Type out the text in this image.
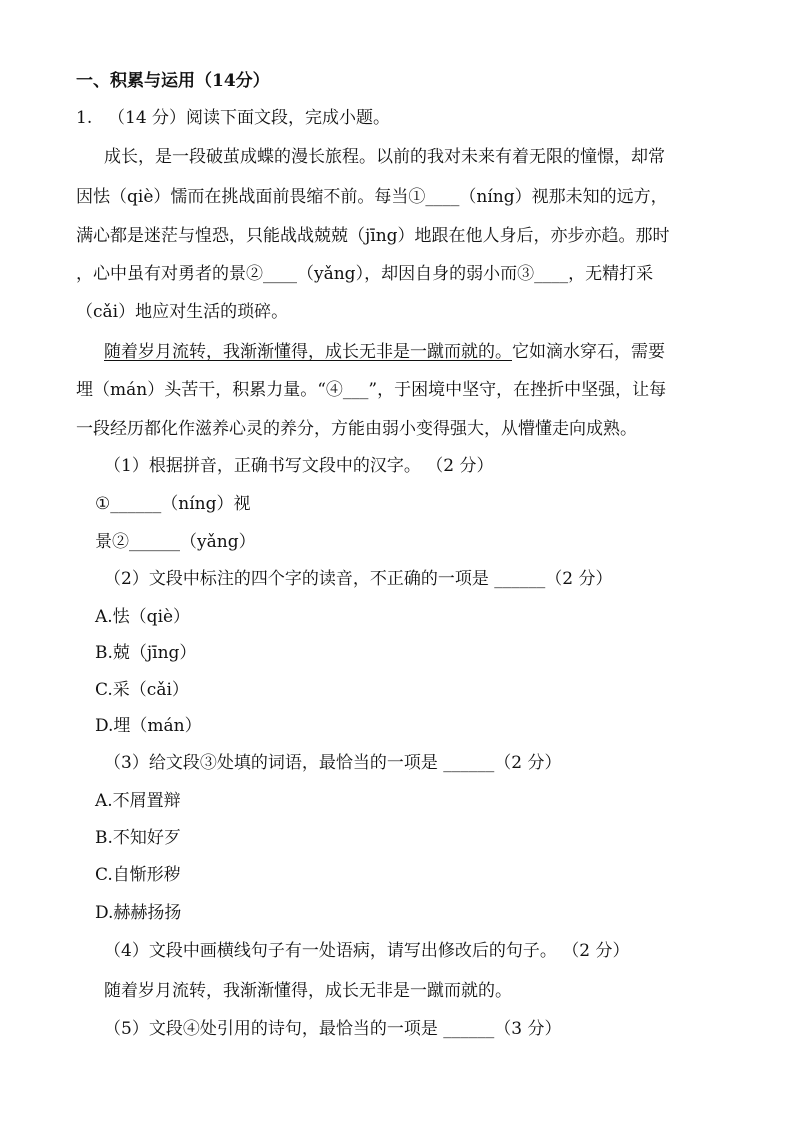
一、积累与运用（14分）
1. （14 分）阅读下面文段，完成小题。
成长，是一段破茧成蝶的漫长旅程。以前的我对未来有着无限的憧憬，却常
因怯（qiè）懦而在挑战面前畏缩不前。每当①____（níng）视那未知的远方，
满心都是迷茫与惶恐，只能战战兢兢（jīng）地跟在他人身后，亦步亦趋。那时
，心中虽有对勇者的景②____（yǎng），却因自身的弱小而③____，无精打采
（cǎi）地应对生活的琐碎。
随着岁月流转，我渐渐懂得，成长无非是一蹴而就的。它如滴水穿石，需要
埋（mán）头苦干，积累力量。“④___”，于困境中坚守，在挫折中坚强，让每
一段经历都化作滋养心灵的养分，方能由弱小变得强大，从懵懂走向成熟。
（1）根据拼音，正确书写文段中的汉字。 （2 分）
①______（níng）视
景②______（yǎng）
（2）文段中标注的四个字的读音，不正确的一项是 ______（2 分）
A.怯（qiè）
B.兢（jīng）
C.采（cǎi）
D.埋（mán）
（3）给文段③处填的词语，最恰当的一项是 ______（2 分）
A.不屑置辩
B.不知好歹
C.自惭形秽
D.赫赫扬扬
（4）文段中画横线句子有一处语病，请写出修改后的句子。 （2 分）
随着岁月流转，我渐渐懂得，成长无非是一蹴而就的。
（5）文段④处引用的诗句，最恰当的一项是 ______（3 分）
